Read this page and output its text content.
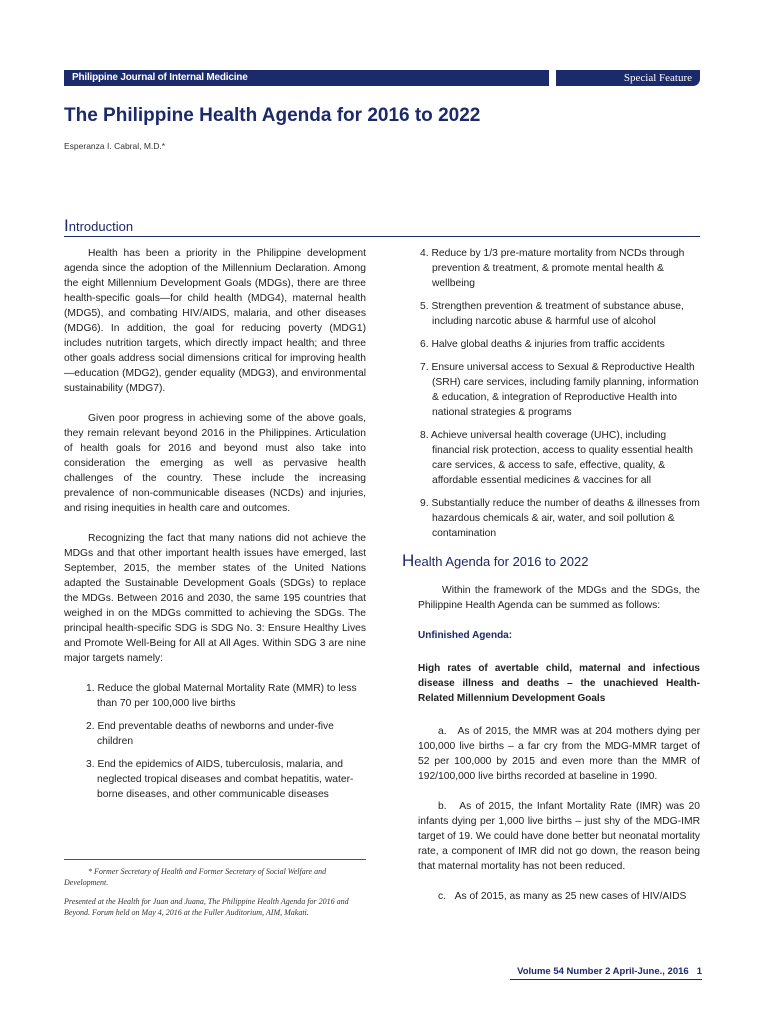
Philippine Journal of Internal Medicine	Special Feature
The Philippine Health Agenda for 2016 to 2022
Esperanza I. Cabral, M.D.*
Introduction

Health has been a priority in the Philippine development agenda since the adoption of the Millennium Declaration. Among the eight Millennium Development Goals (MDGs), there are three health-specific goals—for child health (MDG4), maternal health (MDG5), and combating HIV/AIDS, malaria, and other diseases (MDG6). In addition, the goal for reducing poverty (MDG1) includes nutrition targets, which directly impact health; and three other goals address social dimensions critical for improving health—education (MDG2), gender equality (MDG3), and environmental sustainability (MDG7).

Given poor progress in achieving some of the above goals, they remain relevant beyond 2016 in the Philippines. Articulation of health goals for 2016 and beyond must also take into consideration the emerging as well as pervasive health challenges of the country. These include the increasing prevalence of non-communicable diseases (NCDs) and injuries, and rising inequities in health care and outcomes.

Recognizing the fact that many nations did not achieve the MDGs and that other important health issues have emerged, last September, 2015, the member states of the United Nations adapted the Sustainable Development Goals (SDGs) to replace the MDGs. Between 2016 and 2030, the same 195 countries that weighed in on the MDGs committed to achieving the SDGs. The principal health-specific SDG is SDG No. 3: Ensure Healthy Lives and Promote Well-Being for All at All Ages. Within SDG 3 are nine major targets namely:

1. Reduce the global Maternal Mortality Rate (MMR) to less than 70 per 100,000 live births
2. End preventable deaths of newborns and under-five children
3. End the epidemics of AIDS, tuberculosis, malaria, and neglected tropical diseases and combat hepatitis, water-borne diseases, and other communicable diseases
4. Reduce by 1/3 pre-mature mortality from NCDs through prevention & treatment, & promote mental health & wellbeing
5. Strengthen prevention & treatment of substance abuse, including narcotic abuse & harmful use of alcohol
6. Halve global deaths & injuries from traffic accidents
7. Ensure universal access to Sexual & Reproductive Health (SRH) care services, including family planning, information & education, & integration of Reproductive Health into national strategies & programs
8. Achieve universal health coverage (UHC), including financial risk protection, access to quality essential health care services, & access to safe, effective, quality, & affordable essential medicines & vaccines for all
9. Substantially reduce the number of deaths & illnesses from hazardous chemicals & air, water, and soil pollution & contamination
Health Agenda for 2016 to 2022

Within the framework of the MDGs and the SDGs, the Philippine Health Agenda can be summed as follows:

Unfinished Agenda:
High rates of avertable child, maternal and infectious disease illness and deaths – the unachieved Health-Related Millennium Development Goals

a.   As of 2015, the MMR was at 204 mothers dying per 100,000 live births – a far cry from the MDG-MMR target of 52 per 100,000 by 2015 and even more than the MMR of 192/100,000 live births recorded at baseline in 1990.

b.   As of 2015, the Infant Mortality Rate (IMR) was 20 infants dying per 1,000 live births – just shy of the MDG-IMR target of 19. We could have done better but neonatal mortality rate, a component of IMR did not go down, the reason being that maternal mortality has not been reduced.

c.   As of 2015, as many as 25 new cases of HIV/AIDS

* Former Secretary of Health and Former Secretary of Social Welfare and Development.

Presented at the Health for Juan and Juana, The Philippine Health Agenda for 2016 and Beyond. Forum held on May 4, 2016 at the Fuller Auditorium, AIM, Makati.

Volume 54 Number 2 April-June., 2016 1
